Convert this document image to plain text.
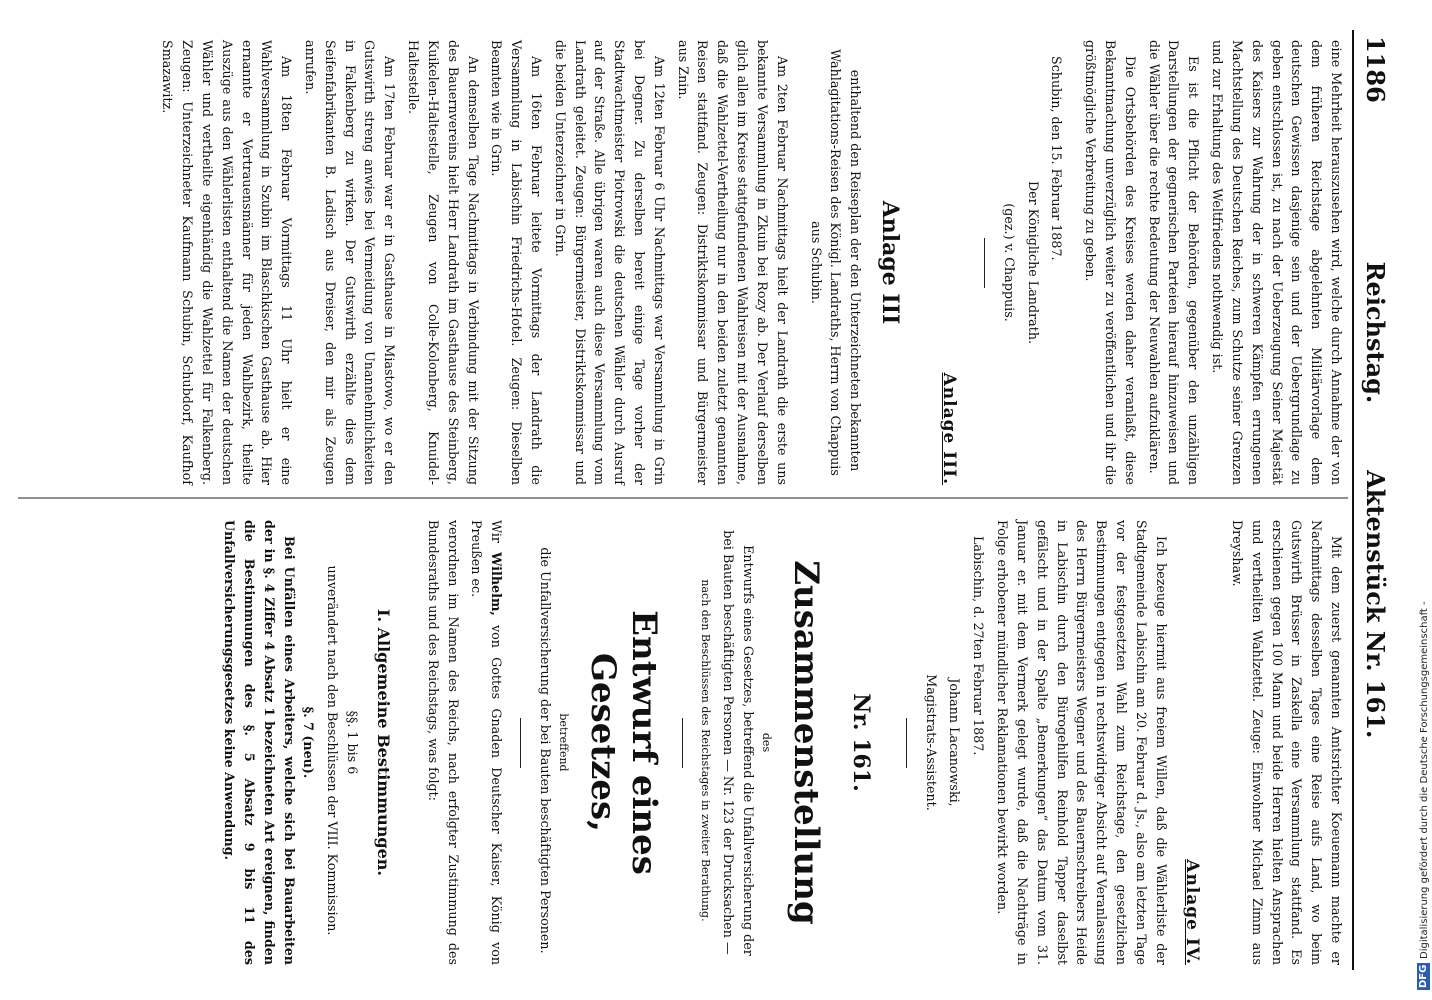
1186
Reichstag.        Aktenstück Nr. 161.

eine Mehrheit herauszusehen wird, welche durch Annahme der von dem früheren Reichstage abgelehnten Militärvorlage dem deutschen Gewissen dasjenige sein und der Uebergrundlage zu geben entschlossen ist, zu nach der Ueberzeugung Seiner Majestät des Kaisers zur Wahrung der in schweren Kämpfen errungenen Machtstellung des Deutschen Reiches, zum Schutze seiner Grenzen und zur Erhaltung des Weltfriedens nothwendig ist.

Es ist die Pflicht der Behörden, gegenüber den unzähligen Darstellungen der gegnerischen Parteien hierauf hinzuweisen und die Wähler über die rechte Bedeutung der Neuwahlen aufzuklären.

Die Ortsbehörden des Kreises werden daher veranlaßt, diese Bekanntmachung unverzüglich weiter zu veröffentlichen und ihr die größtmögliche Verbreitung zu geben.

Schubin, den 15. Februar 1887.

Der Königliche Landrath.
(gez.) v. Chappuis.
Anlage III.
Anlage III

enthaltend den Reiseplan der den Unterzeichneten bekannten Wahlagitations-Reisen des Königl. Landraths, Herrn von Chappuis aus Schubin.

Am 2ten Februar Nachmittags hielt der Landrath die erste uns bekannte Versammlung in Zkuin bei Rozy ab. Der Verlauf derselben glich allen im Kreise stattgefundenen Wahlreisen mit der Ausnahme, daß die Wahlzettel-Vertheilung nur in den beiden zuletzt genannten Reisen stattfand. Zeugen: Distriktskommissar und Bürgermeister aus Znin.

Am 12ten Februar 6 Uhr Nachmittags war Versammlung in Grin bei Degner. Zu derselben bereit einige Tage vorher der Stadtwachtmeister Piotrowski die deutschen Wähler durch Ausruf auf der Straße. Alle übrigen waren auch diese Versammlung vom Landrath geleitet. Zeugen: Bürgermeister, Distriktskommissar und die beiden Unterzeichner in Grin.

Am 16ten Februar leitete Vormittags der Landrath die Versammlung in Labischin Friedrichs-Hotel. Zeugen: Dieselben Beamten wie in Grin.

An demselben Tage Nachmittags in Verbindung mit der Sitzung des Bauernvereins hielt Herr Landrath im Gasthause des Steinberg, Kuikelen-Haltestelle, Zeugen von Colle-Kolonberg, Knuidel-Haltestelle.

Am 17ten Februar war er in Gasthause in Miastowo, wo er den Gutswirth streng anwies bei Vermeidung von Unannehmlichkeiten in Falkenberg zu wirken. Der Gutswirth erzählte dies dem Seifenfabrikanten B. Ladisch aus Dreiser, den mir als Zeugen anrufen.

Am 18ten Februar Vormittags 11 Uhr hielt er eine Wahlversammlung in Szubin im Blaschkischen Gasthause ab. Hier ernannte er Vertrauensmänner für jeden Wahlbezirk, theilte Auszüge aus den Wählerlisten enthaltend die Namen der deutschen Wähler und vertheilte eigenhändig die Wahlzettel für Falkenberg. Zeugen: Unterzeichneter Kaufmann Schubin, Schubdorf, Kaufhof Smazawitz.

Mit dem zuerst genannten Amtsrichter Koeuemann machte er Nachmittags desselben Tages eine Reise aufs Land, wo beim Gutswirth Brüsser in Zaskella eine Versammlung stattfand. Es erschienen gegen 100 Mann und beide Herren hielten Ansprachen und vertheilten Wahlzettel. Zeuge: Einwohner Michael Zimm aus Dreyshaw.

Anlage IV.

Ich bezeuge hiermit aus freiem Willen, daß die Wählerliste der Stadtgemeinde Labischin am 20. Februar d. Js., also am letzten Tage vor der festgesetzten Wahl zum Reichstage, den gesetzlichen Bestimmungen entgegen in rechtswidriger Absicht auf Veranlassung des Herrn Bürgermeisters Wegner und des Bauernschreibers Heide in Labischin durch den Bürogehilfen Reinhold Tapper daselbst gefälscht und in der Spalte „Bemerkungen“ das Datum vom 31. Januar er. mit dem Vermerk gelegt wurde, daß die Nachträge in Folge erhobener mündlicher Reklamationen bewirkt worden.

Labischin, d. 27ten Februar 1887.

Johann Lacanowski,
Magistrats-Assistent.
Nr. 161.
Zusammenstellung
des

Entwurfs eines Gesetzes, betreffend die Unfallversicherung der bei Bauten beschäftigten Personen — Nr. 123 der Drucksachen —

nach den Beschlüssen des Reichstages in zweiter Berathung.

Entwurf eines Gesetzes,
betreffend

die Unfallversicherung der bei Bauten beschäftigten Personen.

Wir Wilhelm, von Gottes Gnaden Deutscher Kaiser, König von Preußen ec.

verordnen im Namen des Reichs, nach erfolgter Zustimmung des Bundesraths und des Reichstags, was folgt:

I. Allgemeine Bestimmungen.
§§. 1 bis 6

unverändert nach den Beschlüssen der VIII. Kommission.

§. 7 (neu).

Bei Unfällen eines Arbeiters, welche sich bei Bauarbeiten der in §. 4 Ziffer 4 Absatz 1 bezeichneten Art ereignen, finden die Bestimmungen des §. 5 Absatz 9 bis 11 des Unfallversicherungsgesetzes keine Anwendung.

DFG
Digitalisierung gefördert durch die Deutsche Forschungsgemeinschaft -
